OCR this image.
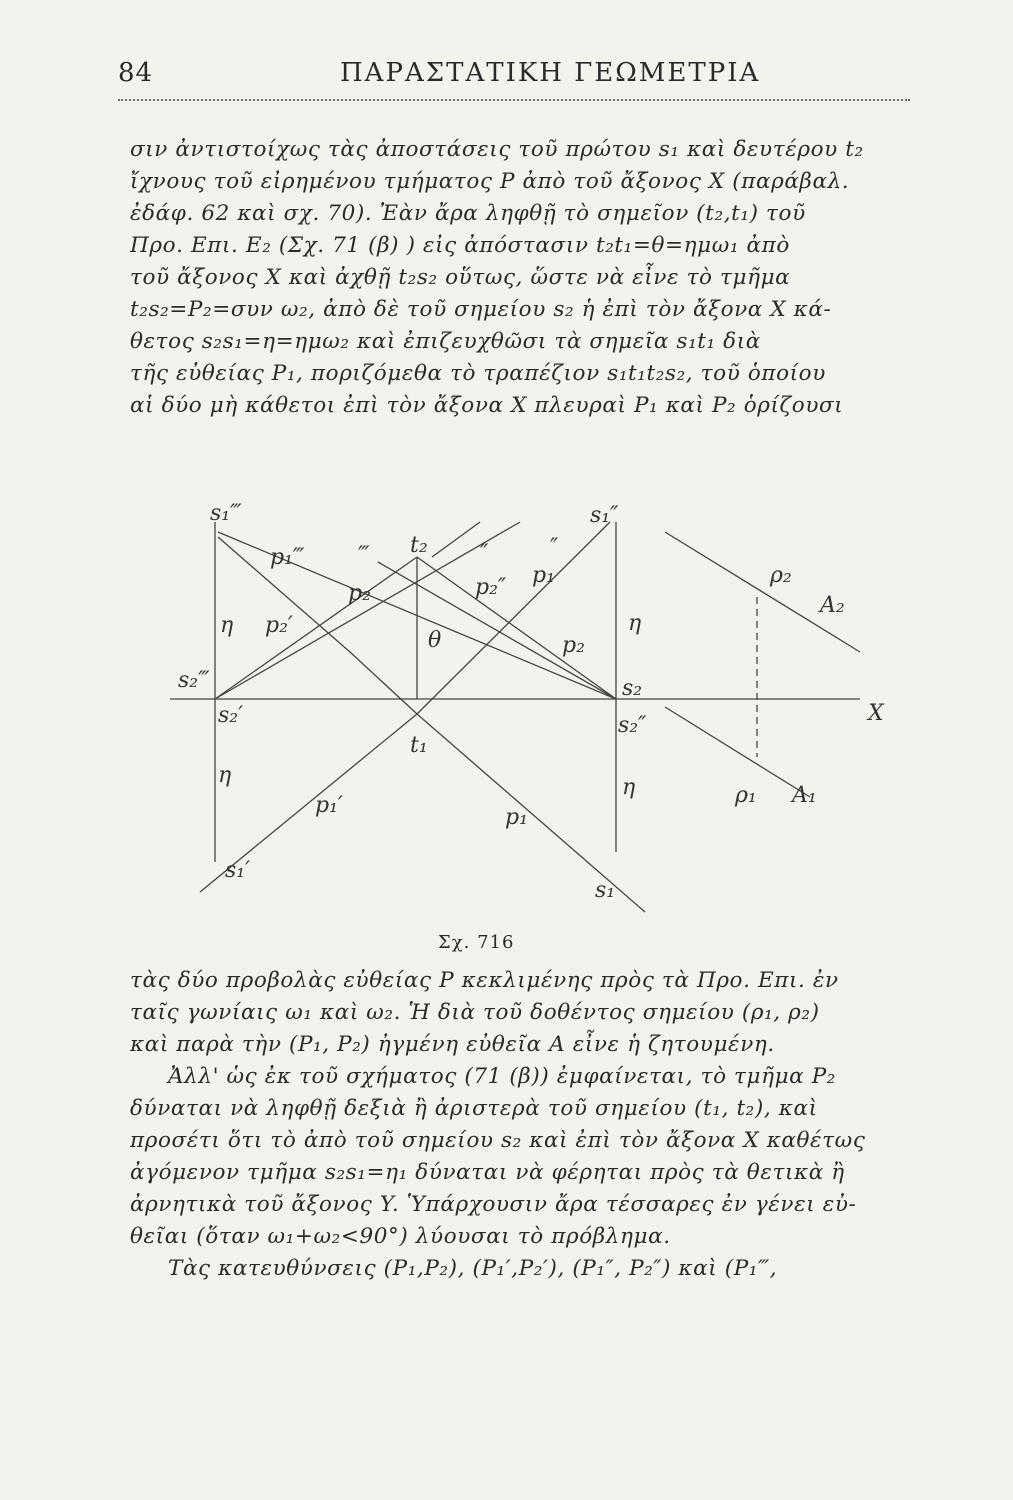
84	ΠΑΡΑΣΤΑΤΙΚΗ ΓΕΩΜΕΤΡΙΑ
σιν ἀντιστοίχως τὰς ἀποστάσεις τοῦ πρώτου s₁ καὶ δευτέρου t₂
ἴχνους τοῦ εἰρημένου τμήματος P ἀπὸ τοῦ ἄξονος X (παράβαλ.
ἐδάφ. 62 καὶ σχ. 70). Ἐὰν ἄρα ληφθῇ τὸ σημεῖον (t₂,t₁) τοῦ
Προ. Επι. E₂ (Σχ. 71 (β) ) εἰς ἀπόστασιν t₂t₁=θ=ημω₁ ἀπὸ
τοῦ ἄξονος X καὶ ἀχθῇ t₂s₂ οὕτως, ὥστε νὰ εἶνε τὸ τμῆμα
t₂s₂=P₂=συν ω₂, ἀπὸ δὲ τοῦ σημείου s₂ ἡ ἐπὶ τὸν ἄξονα X κά-
θετος s₂s₁=η=ημω₂ καὶ ἐπιζευχθῶσι τὰ σημεῖα s₁t₁ διὰ
τῆς εὐθείας P₁, ποριζόμεθα τὸ τραπέζιον s₁t₁t₂s₂, τοῦ ὁποίου
αἱ δύο μὴ κάθετοι ἐπὶ τὸν ἄξονα X πλευραὶ P₁ καὶ P₂ ὁρίζουσι
s₁‴
p₁‴ ‴ t₂ ″	″
s₁″
p₂	p₂″ p₁	ρ₂
A₂
η p₂′
θ	p₂
η
s₂‴	s₂
X
s₂′
t₁
s₂″
η
p₁′	p₁
η	ρ₁ A₁
s₁′
s₁
Σχ. 716
τὰς δύο προβολὰς εὐθείας P κεκλιμένης πρὸς τὰ Προ. Επι. ἐν
ταῖς γωνίαις ω₁ καὶ ω₂. Ἡ διὰ τοῦ δοθέντος σημείου (ρ₁, ρ₂)
καὶ παρὰ τὴν (P₁, P₂) ἠγμένη εὐθεῖα A εἶνε ἡ ζητουμένη.
Ἀλλ' ὡς ἐκ τοῦ σχήματος (71 (β)) ἐμφαίνεται, τὸ τμῆμα P₂
δύναται νὰ ληφθῇ δεξιὰ ἢ ἀριστερὰ τοῦ σημείου (t₁, t₂), καὶ
προσέτι ὅτι τὸ ἀπὸ τοῦ σημείου s₂ καὶ ἐπὶ τὸν ἄξονα X καθέτως
ἀγόμενον τμῆμα s₂s₁=η₁ δύναται νὰ φέρηται πρὸς τὰ θετικὰ ἢ
ἀρνητικὰ τοῦ ἄξονος Y. Ὑπάρχουσιν ἄρα τέσσαρες ἐν γένει εὐ-
θεῖαι (ὅταν ω₁+ω₂<90°) λύουσαι τὸ πρόβλημα.
Τὰς κατευθύνσεις (P₁,P₂), (P₁′,P₂′), (P₁″, P₂″) καὶ (P₁‴,
